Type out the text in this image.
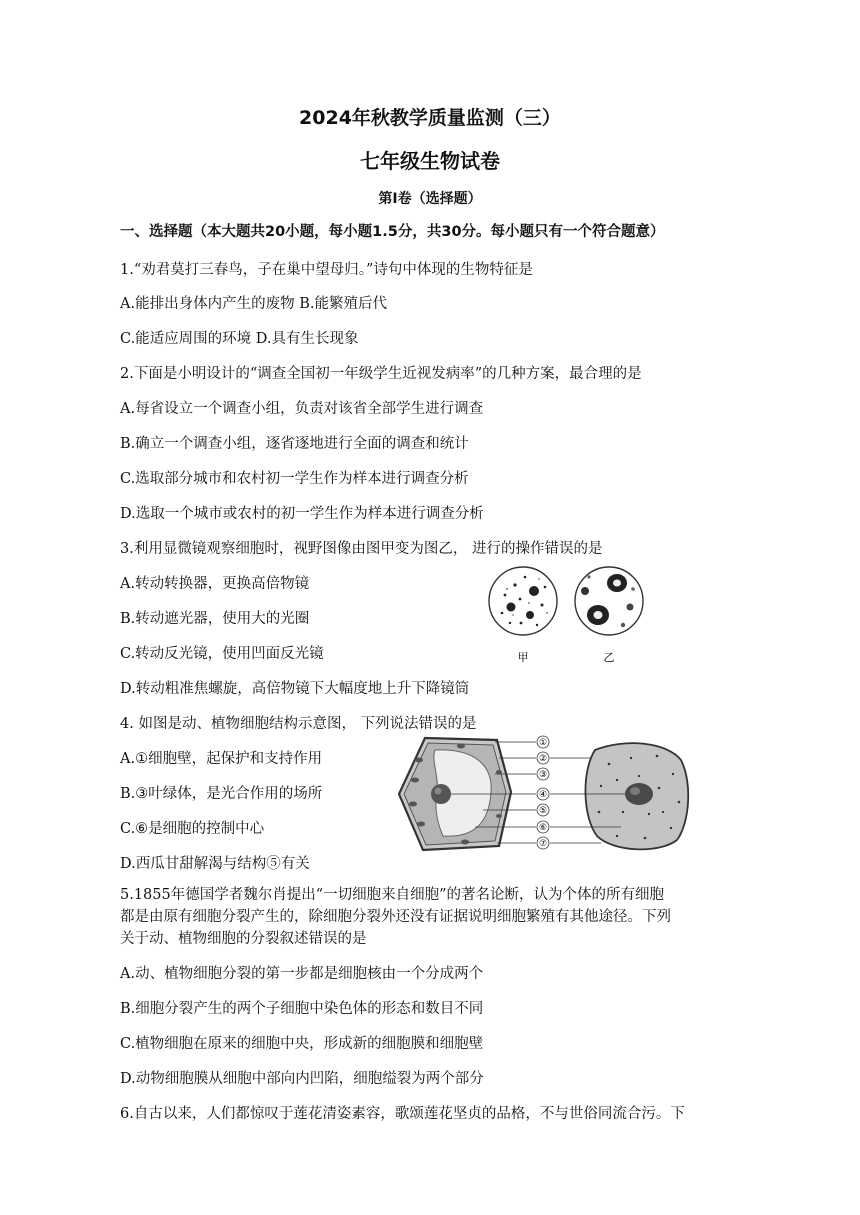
2024年秋教学质量监测（三）
七年级生物试卷
第Ⅰ卷（选择题）
一、选择题（本大题共20小题，每小题1.5分，共30分。每小题只有一个符合题意）
1.“劝君莫打三春鸟，子在巢中望母归。”诗句中体现的生物特征是
A.能排出身体内产生的废物 B.能繁殖后代
C.能适应周围的环境 D.具有生长现象
2.下面是小明设计的“调查全国初一年级学生近视发病率”的几种方案，最合理的是
A.每省设立一个调查小组，负责对该省全部学生进行调查
B.确立一个调查小组，逐省逐地进行全面的调查和统计
C.选取部分城市和农村初一学生作为样本进行调查分析
D.选取一个城市或农村的初一学生作为样本进行调查分析
3.利用显微镜观察细胞时，视野图像由图甲变为图乙， 进行的操作错误的是
A.转动转换器，更换高倍物镜
B.转动遮光器，使用大的光圈
C.转动反光镜，使用凹面反光镜
D.转动粗准焦螺旋，高倍物镜下大幅度地上升下降镜筒
甲	乙
4. 如图是动、植物细胞结构示意图， 下列说法错误的是
A.①细胞壁，起保护和支持作用
B.③叶绿体，是光合作用的场所
C.⑥是细胞的控制中心
D.西瓜甘甜解渴与结构⑤有关
①
②
③
④
⑤
⑥
⑦
5.1855年德国学者魏尔肖提出“一切细胞来自细胞”的著名论断，认为个体的所有细胞
都是由原有细胞分裂产生的，除细胞分裂外还没有证据说明细胞繁殖有其他途径。下列
关于动、植物细胞的分裂叙述错误的是
A.动、植物细胞分裂的第一步都是细胞核由一个分成两个
B.细胞分裂产生的两个子细胞中染色体的形态和数目不同
C.植物细胞在原来的细胞中央，形成新的细胞膜和细胞壁
D.动物细胞膜从细胞中部向内凹陷，细胞缢裂为两个部分
6.自古以来，人们都惊叹于莲花清姿素容，歌颂莲花坚贞的品格，不与世俗同流合污。下
